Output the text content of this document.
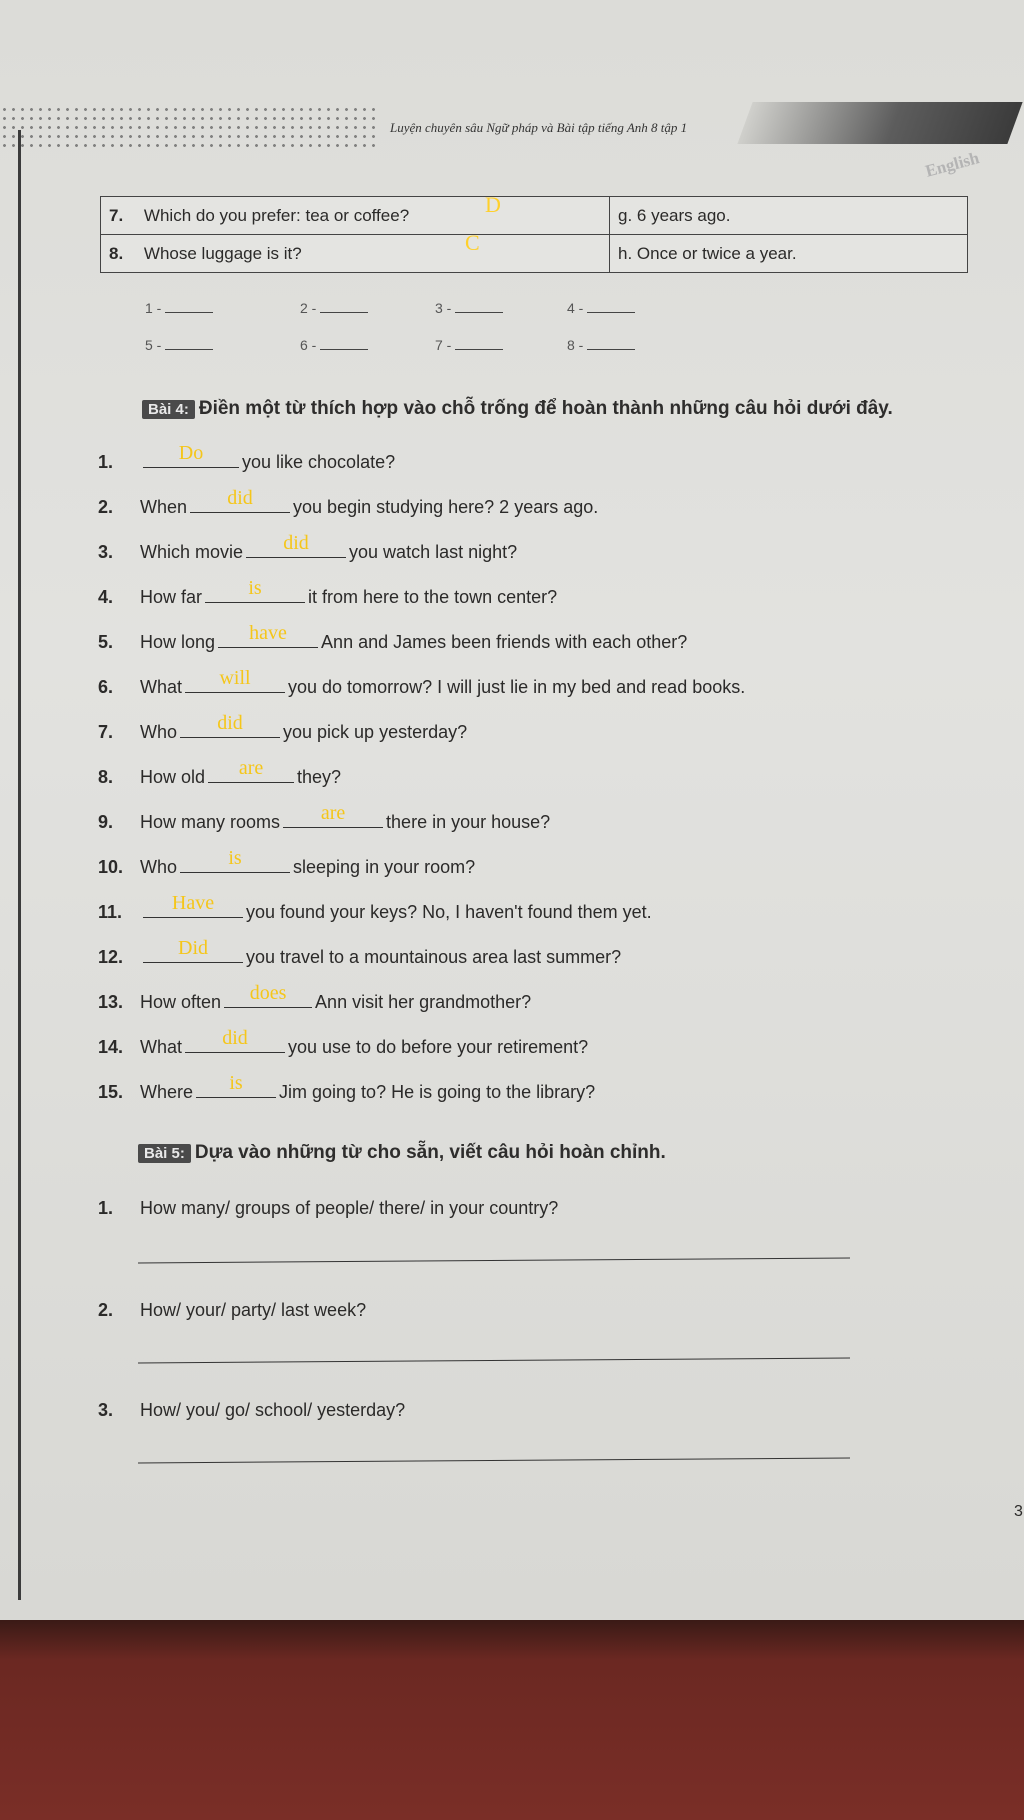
Luyện chuyên sâu Ngữ pháp và Bài tập tiếng Anh 8 tập 1
English
7. Which do you prefer: tea or coffee? D	g. 6 years ago.
8. Whose luggage is it? C	h. Once or twice a year.
1 -	2 -	3 -	4 -
5 -	6 -	7 -	8 -
Bài 4: Điền một từ thích hợp vào chỗ trống để hoàn thành những câu hỏi dưới đây.
1.	Do	you like chocolate?
2. When	did	you begin studying here? 2 years ago.
3. Which movie	did	you watch last night?
4. How far	is	it from here to the town center?
5. How long	have	Ann and James been friends with each other?
6. What	will	you do tomorrow? I will just lie in my bed and read books.
7. Who	did	you pick up yesterday?
8. How old	are	they?
9. How many rooms	are	there in your house?
10. Who	is	sleeping in your room?
11.	Have	you found your keys? No, I haven't found them yet.
12.	Did	you travel to a mountainous area last summer?
13. How often	does	Ann visit her grandmother?
14. What	did	you use to do before your retirement?
15. Where	is	Jim going to? He is going to the library?
Bài 5: Dựa vào những từ cho sẵn, viết câu hỏi hoàn chỉnh.
1. How many/ groups of people/ there/ in your country?
2. How/ your/ party/ last week?
3. How/ you/ go/ school/ yesterday?
3
